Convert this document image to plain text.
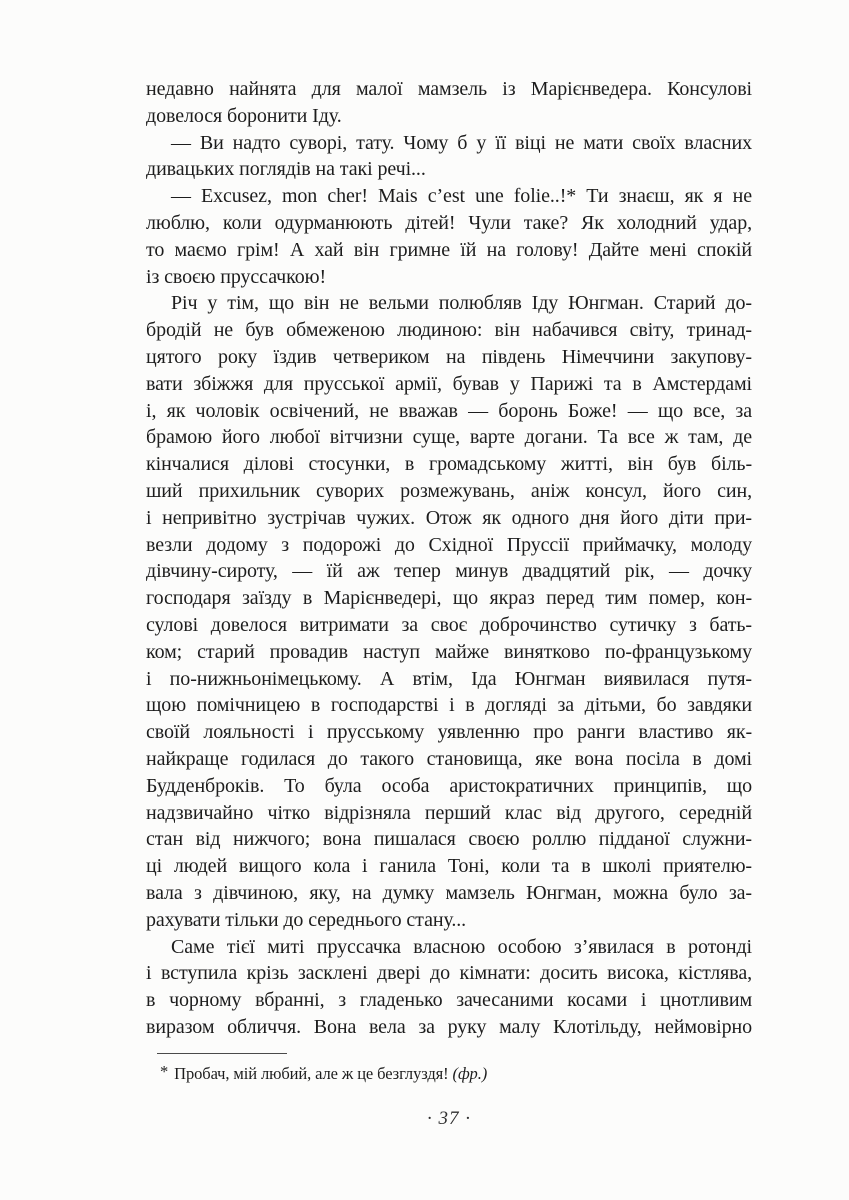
недавно найнята для малої мамзель із Марієнведера. Консулові
довелося боронити Іду.
— Ви надто суворі, тату. Чому б у її віці не мати своїх власних
дивацьких поглядів на такі речі...
— Excusez, mon cher! Mais c’est une folie..!* Ти знаєш, як я не
люблю, коли одурманюють дітей! Чули таке? Як холодний удар,
то маємо грім! А хай він гримне їй на голову! Дайте мені спокій
із своєю пруссачкою!
Річ у тім, що він не вельми полюбляв Іду Юнгман. Старий до-
бродій не був обмеженою людиною: він набачився світу, тринад-
цятого року їздив четвериком на південь Німеччини закупову-
вати збіжжя для прусської армії, бував у Парижі та в Амстердамі
і, як чоловік освічений, не вважав — боронь Боже! — що все, за
брамою його любої вітчизни суще, варте догани. Та все ж там, де
кінчалися ділові стосунки, в громадському житті, він був біль-
ший прихильник суворих розмежувань, аніж консул, його син,
і непривітно зустрічав чужих. Отож як одного дня його діти при-
везли додому з подорожі до Східної Пруссії приймачку, молоду
дівчину-сироту, — їй аж тепер минув двадцятий рік, — дочку
господаря заїзду в Марієнведері, що якраз перед тим помер, кон-
сулові довелося витримати за своє доброчинство сутичку з бать-
ком; старий провадив наступ майже винятково по-французькому
і по-нижньонімецькому. А втім, Іда Юнгман виявилася путя-
щою помічницею в господарстві і в догляді за дітьми, бо завдяки
своїй лояльності і прусському уявленню про ранги властиво як-
найкраще годилася до такого становища, яке вона посіла в домі
Будденброків. То була особа аристократичних принципів, що
надзвичайно чітко відрізняла перший клас від другого, середній
стан від нижчого; вона пишалася своєю роллю підданої служни-
ці людей вищого кола і ганила Тоні, коли та в школі приятелю-
вала з дівчиною, яку, на думку мамзель Юнгман, можна було за-
рахувати тільки до середнього стану...
Саме тієї миті пруссачка власною особою з’явилася в ротонді
і вступила крізь засклені двері до кімнати: досить висока, кістлява,
в чорному вбранні, з гладенько зачесаними косами і цнотливим
виразом обличчя. Вона вела за руку малу Клотільду, неймовірно
* Пробач, мій любий, але ж це безглуздя! (фр.)
· 37 ·
